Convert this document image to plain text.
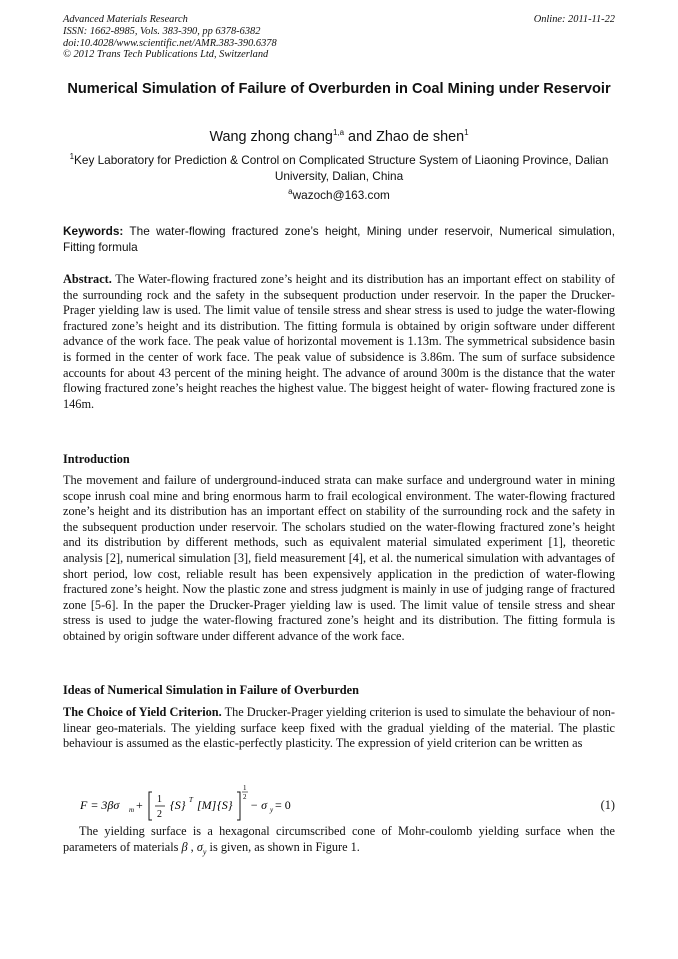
Advanced Materials Research
ISSN: 1662-8985, Vols. 383-390, pp 6378-6382
doi:10.4028/www.scientific.net/AMR.383-390.6378
© 2012 Trans Tech Publications Ltd, Switzerland
Online: 2011-11-22
Numerical Simulation of Failure of Overburden in Coal Mining under Reservoir
Wang zhong chang$^{1,a}$ and Zhao de shen$^1$
$^1$Key Laboratory for Prediction & Control on Complicated Structure System of Liaoning Province, Dalian University, Dalian, China
$^a$wazoch@163.com
Keywords: The water-flowing fractured zone’s height, Mining under reservoir, Numerical simulation, Fitting formula
Abstract. The Water-flowing fractured zone’s height and its distribution has an important effect on stability of the surrounding rock and the safety in the subsequent production under reservoir. In the paper the Drucker-Prager yielding law is used. The limit value of tensile stress and shear stress is used to judge the water-flowing fractured zone’s height and its distribution. The fitting formula is obtained by origin software under different advance of the work face. The peak value of horizontal movement is 1.13m. The symmetrical subsidence basin is formed in the center of work face. The peak value of subsidence is 3.86m. The sum of surface subsidence accounts for about 43 percent of the mining height. The advance of around 300m is the distance that the water flowing fractured zone’s height reaches the highest value. The biggest height of water- flowing fractured zone is 146m.
Introduction
The movement and failure of underground-induced strata can make surface and underground water in mining scope inrush coal mine and bring enormous harm to frail ecological environment. The water-flowing fractured zone’s height and its distribution has an important effect on stability of the surrounding rock and the safety in the subsequent production under reservoir. The scholars studied on the water-flowing fractured zone’s height and its distribution by different methods, such as equivalent material simulated experiment [1], theoretic analysis [2], numerical simulation [3], field measurement [4], et al. the numerical simulation with advantages of short period, low cost, reliable result has been expensively application in the prediction of water-flowing fractured zone’s height. Now the plastic zone and stress judgment is mainly in use of judging range of fractured zone [5-6]. In the paper the Drucker-Prager yielding law is used. The limit value of tensile stress and shear stress is used to judge the water-flowing fractured zone’s height and its distribution. The fitting formula is obtained by origin software under different advance of the work face.
Ideas of Numerical Simulation in Failure of Overburden
The Choice of Yield Criterion. The Drucker-Prager yielding criterion is used to simulate the behaviour of non-linear geo-materials. The yielding surface keep fixed with the gradual yielding of the material. The plastic behaviour is assumed as the elastic-perfectly plasticity. The expression of yield criterion can be written as
F = 3βσ m + 1
2
{S} T [M] {S}
1
2
− σ y = 0	(1)
The yielding surface is a hexagonal circumscribed cone of Mohr-coulomb yielding surface when the parameters of materials β , $\sigma_y$ is given, as shown in Figure 1.
